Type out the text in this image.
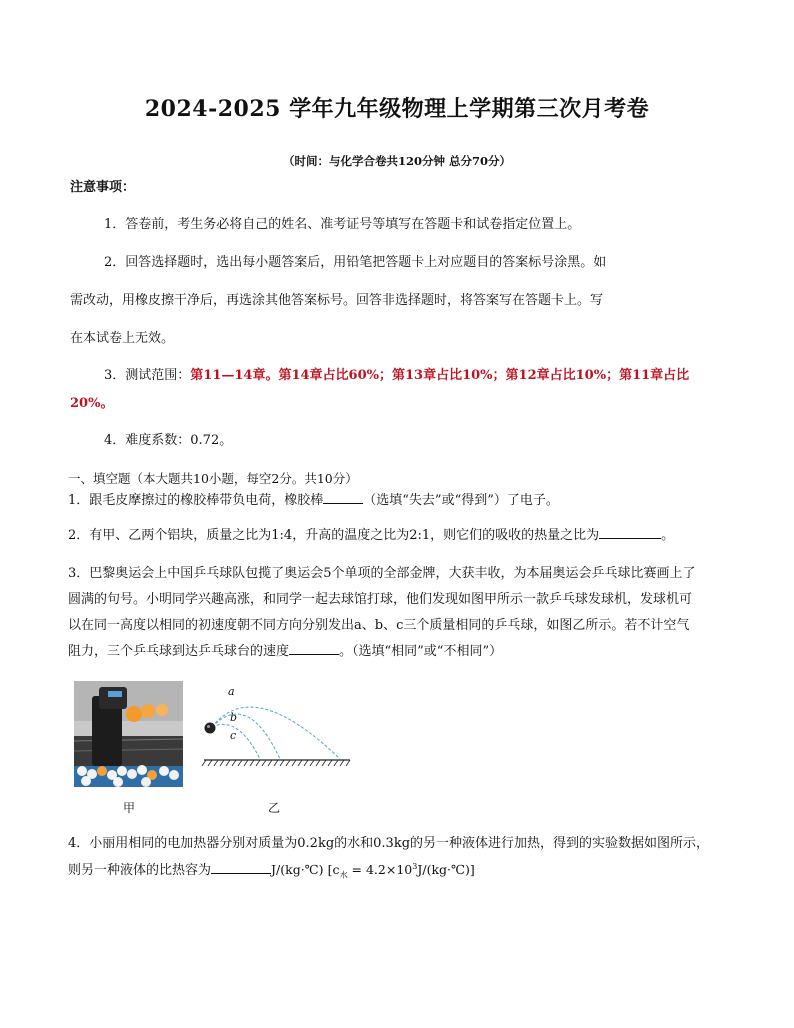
2024-2025 学年九年级物理上学期第三次月考卷
（时间：与化学合卷共120分钟 总分70分）
注意事项：
1．答卷前，考生务必将自己的姓名、准考证号等填写在答题卡和试卷指定位置上。
2．回答选择题时，选出每小题答案后，用铅笔把答题卡上对应题目的答案标号涂黑。如
需改动，用橡皮擦干净后，再选涂其他答案标号。回答非选择题时，将答案写在答题卡上。写
在本试卷上无效。
3．测试范围：第11—14章。第14章占比60%；第13章占比10%；第12章占比10%；第11章占比
20%。
4．难度系数：0.72。
一、填空题（本大题共10小题，每空2分。共10分）
1．跟毛皮摩擦过的橡胶棒带负电荷，橡胶棒	（选填“失去”或“得到”）了电子。
2．有甲、乙两个铝块，质量之比为1:4，升高的温度之比为2:1，则它们的吸收的热量之比为	。
3．巴黎奥运会上中国乒乓球队包揽了奥运会5个单项的全部金牌，大获丰收，为本届奥运会乒乓球比赛画上了
圆满的句号。小明同学兴趣高涨，和同学一起去球馆打球，他们发现如图甲所示一款乒乓球发球机，发球机可
以在同一高度以相同的初速度朝不同方向分别发出a、b、c三个质量相同的乒乓球，如图乙所示。若不计空气
阻力，三个乒乓球到达乒乓球台的速度	。（选填“相同”或“不相同”）
甲
a
b
c
乙
4．小丽用相同的电加热器分别对质量为0.2kg的水和0.3kg的另一种液体进行加热，得到的实验数据如图所示，
则另一种液体的比热容为	J/(kg·℃) [$c_水$ = $4.2\times 10^3J/(kg\cdot℃)$]
